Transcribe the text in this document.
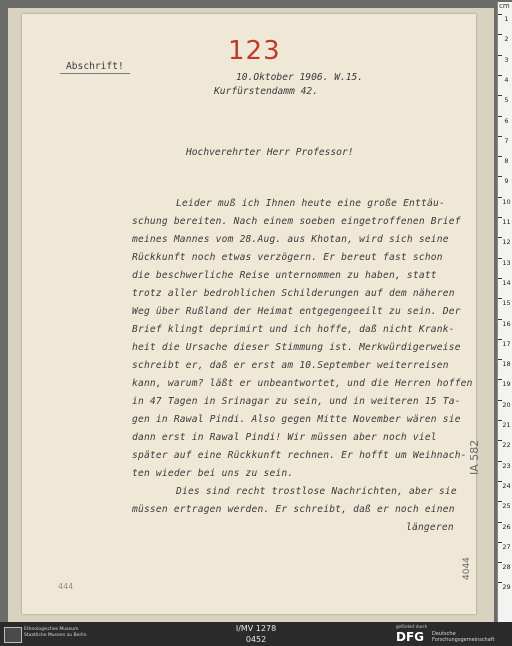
123
Abschrift!
10.Oktober 1906. W.15.
Kurfürstendamm 42.
Hochverehrter Herr Professor!
Leider muß ich Ihnen heute eine große Enttäu-
schung bereiten. Nach einem soeben eingetroffenen Brief
meines Mannes vom 28.Aug. aus Khotan, wird sich seine
Rückkunft noch etwas verzögern. Er bereut fast schon
die beschwerliche Reise unternommen zu haben, statt
trotz aller bedrohlichen Schilderungen auf dem näheren
Weg über Rußland der Heimat entgegengeeilt zu sein. Der
Brief klingt deprimirt und ich hoffe, daß nicht Krank-
heit die Ursache dieser Stimmung ist. Merkwürdigerweise
schreibt er, daß er erst am 10.September weiterreisen
kann, warum? läßt er unbeantwortet, und die Herren hoffen
in 47 Tagen in Srinagar zu sein, und in weiteren 15 Ta-
gen in Rawal Pindi. Also gegen Mitte November wären sie
dann erst in Rawal Pindi! Wir müssen aber noch viel
später auf eine Rückkunft rechnen. Er hofft um Weihnach-
ten wieder bei uns zu sein.
Dies sind recht trostlose Nachrichten, aber sie
müssen ertragen werden. Er schreibt, daß er noch einen
längeren
IA 582
4044
444
cm
1
2
3
4
5
6
7
8
9
10
11
12
13
14
15
16
17
18
19
20
21
22
23
24
25
26
27
28
29
Ethnologisches Museum
Staatliche Museen zu Berlin
I/MV 1278
0452
gefördert durch
DFG Deutsche
Forschungsgemeinschaft
